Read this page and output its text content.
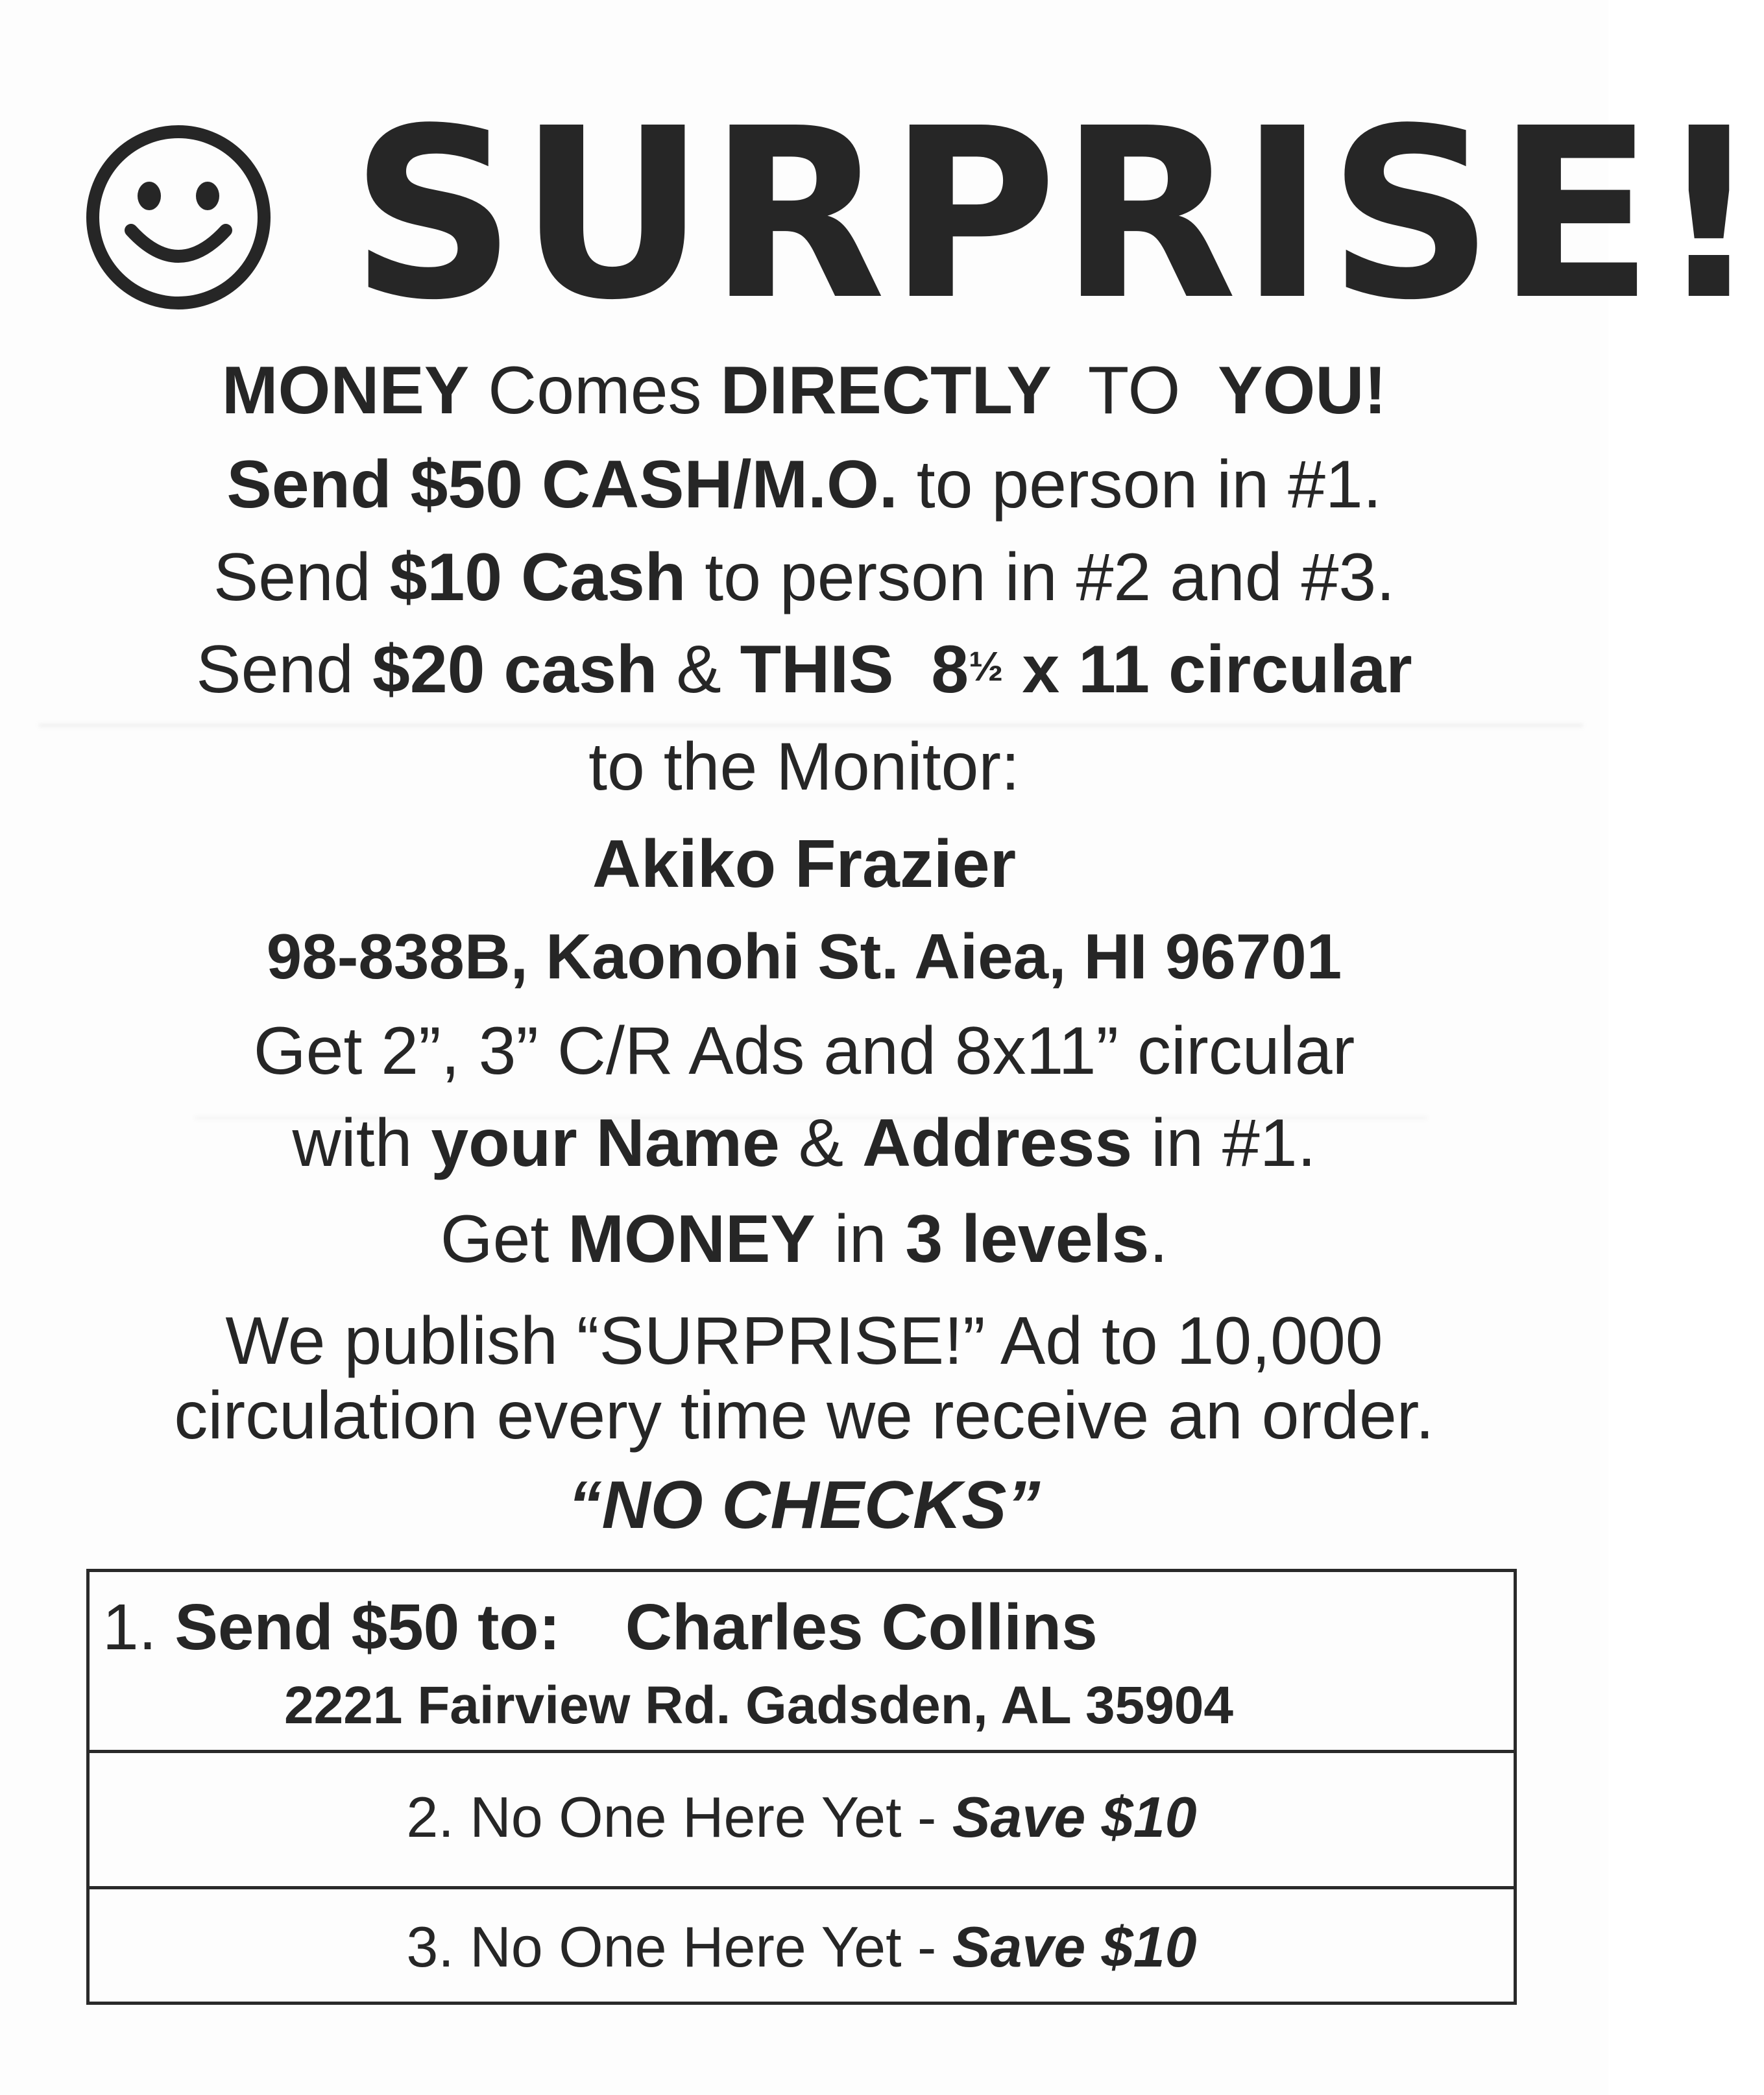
SURPRISE!
MONEY Comes DIRECTLY  TO  YOU!
Send $50 CASH/M.O. to person in #1.
Send $10 Cash to person in #2 and #3.
Send $20 cash & THIS  8½ x 11 circular
to the Monitor:
Akiko Frazier
98-838B, Kaonohi St. Aiea, HI 96701
Get 2”, 3” C/R Ads and 8x11” circular
with your Name & Address in #1.
Get MONEY in 3 levels.
We publish “SURPRISE!” Ad to 10,000
circulation every time we receive an order.
“NO CHECKS”
1. Send $50 to: Charles Collins
2221 Fairview Rd. Gadsden, AL 35904
2. No One Here Yet - Save $10
3. No One Here Yet - Save $10
